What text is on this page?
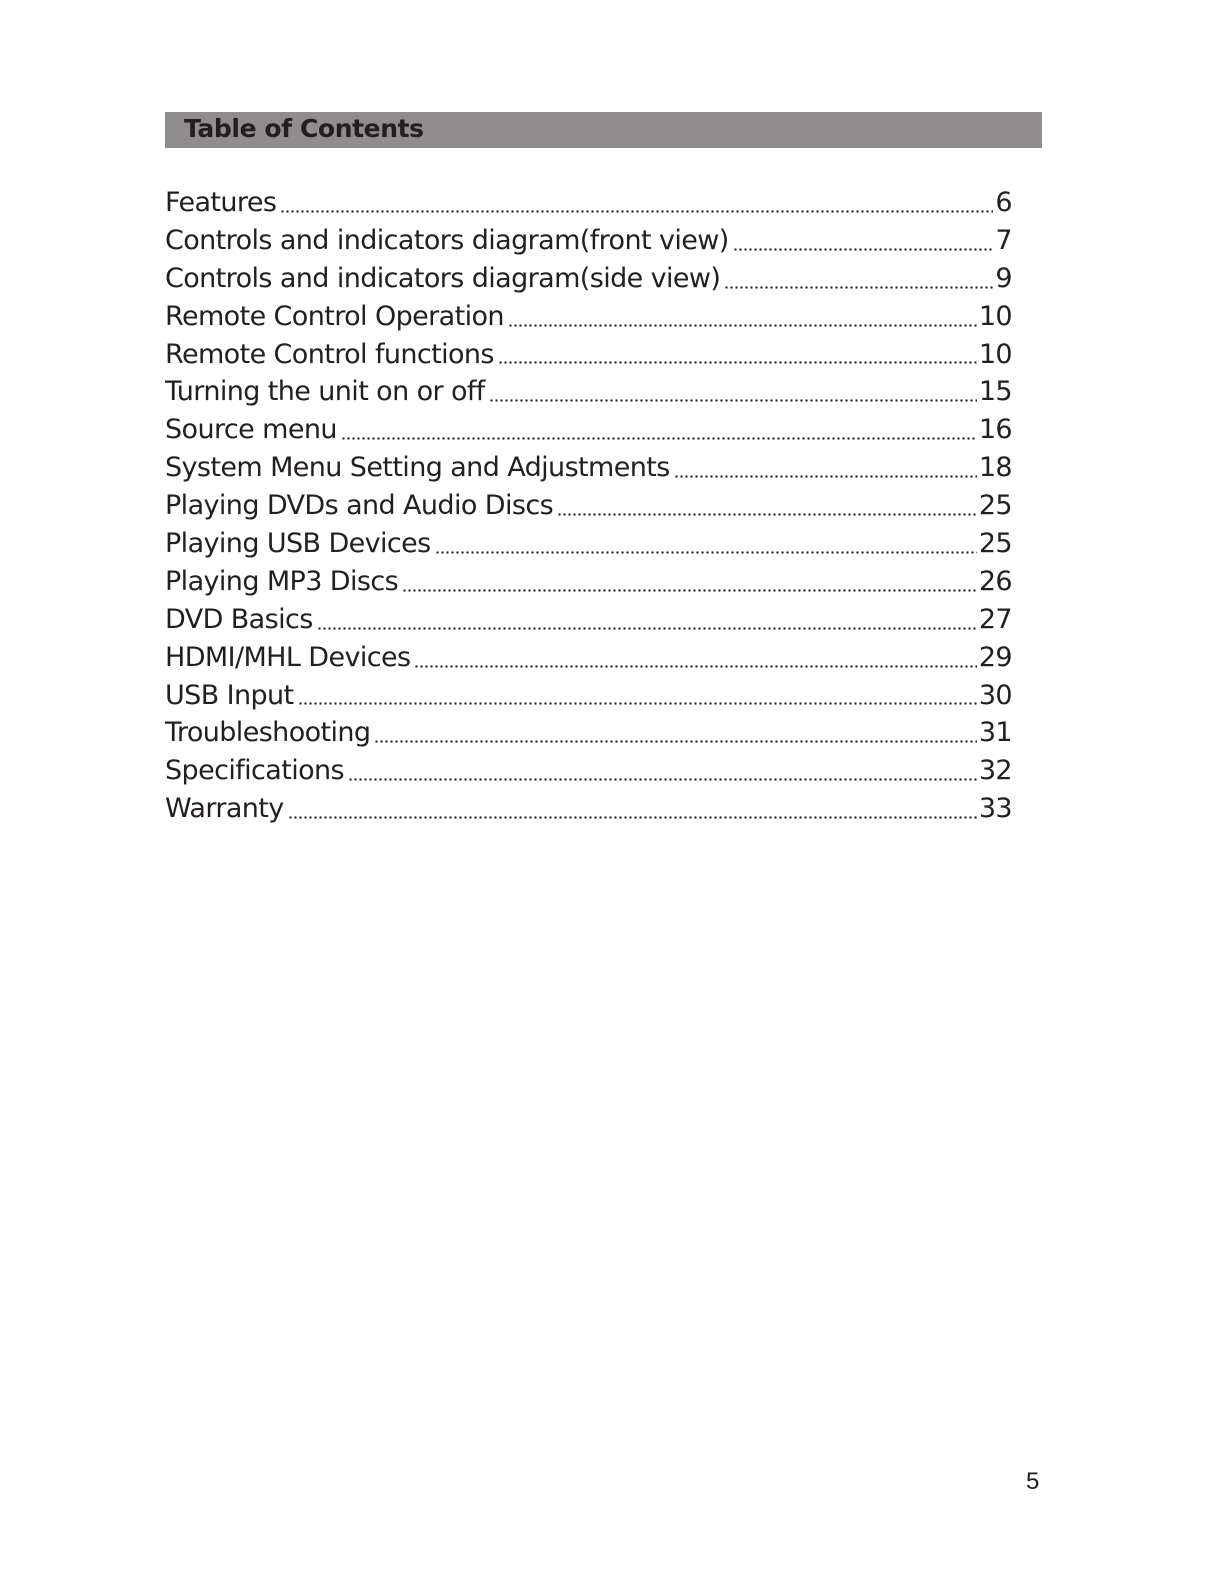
Table of Contents
Features	6
Controls and indicators diagram(front view)	7
Controls and indicators diagram(side view)	9
Remote Control Operation	10
Remote Control functions	10
Turning the unit on or off	15
Source menu	16
System Menu Setting and Adjustments	18
Playing DVDs and Audio Discs	25
Playing USB Devices	25
Playing MP3 Discs	26
DVD Basics	27
HDMI/MHL Devices	29
USB Input	30
Troubleshooting	31
Specifications	32
Warranty	33
5
